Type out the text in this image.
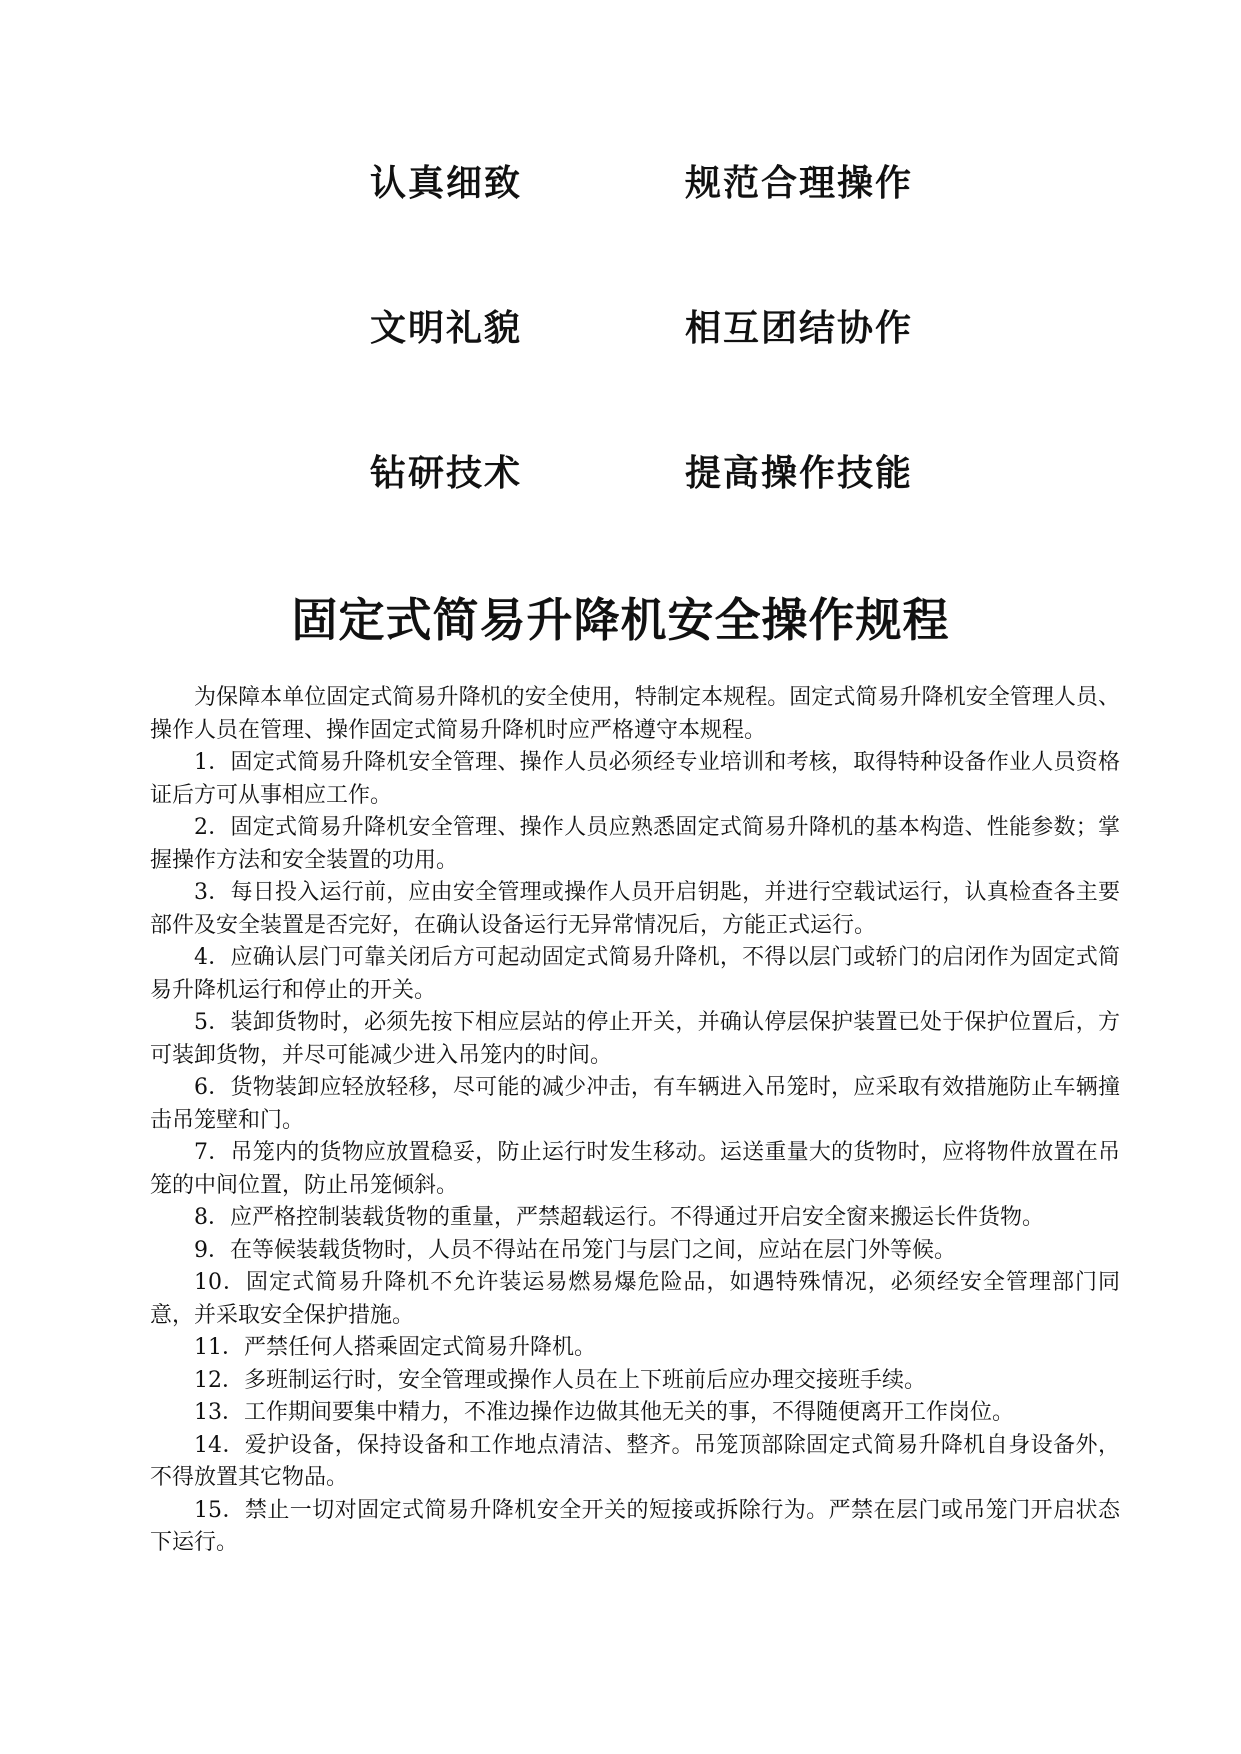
认真细致	规范合理操作
文明礼貌	相互团结协作
钻研技术	提高操作技能
固定式简易升降机安全操作规程

为保障本单位固定式简易升降机的安全使用，特制定本规程。固定式简易升降机安全管理人员、操作人员在管理、操作固定式简易升降机时应严格遵守本规程。

1．固定式简易升降机安全管理、操作人员必须经专业培训和考核，取得特种设备作业人员资格证后方可从事相应工作。

2．固定式简易升降机安全管理、操作人员应熟悉固定式简易升降机的基本构造、性能参数；掌握操作方法和安全装置的功用。

3．每日投入运行前，应由安全管理或操作人员开启钥匙，并进行空载试运行，认真检查各主要部件及安全装置是否完好，在确认设备运行无异常情况后，方能正式运行。

4．应确认层门可靠关闭后方可起动固定式简易升降机，不得以层门或轿门的启闭作为固定式简易升降机运行和停止的开关。

5．装卸货物时，必须先按下相应层站的停止开关，并确认停层保护装置已处于保护位置后，方可装卸货物，并尽可能减少进入吊笼内的时间。

6．货物装卸应轻放轻移，尽可能的减少冲击，有车辆进入吊笼时，应采取有效措施防止车辆撞击吊笼壁和门。

7．吊笼内的货物应放置稳妥，防止运行时发生移动。运送重量大的货物时，应将物件放置在吊笼的中间位置，防止吊笼倾斜。

8．应严格控制装载货物的重量，严禁超载运行。不得通过开启安全窗来搬运长件货物。

9．在等候装载货物时，人员不得站在吊笼门与层门之间，应站在层门外等候。

10．固定式简易升降机不允许装运易燃易爆危险品，如遇特殊情况，必须经安全管理部门同意，并采取安全保护措施。

11．严禁任何人搭乘固定式简易升降机。

12．多班制运行时，安全管理或操作人员在上下班前后应办理交接班手续。

13．工作期间要集中精力，不准边操作边做其他无关的事，不得随便离开工作岗位。

14．爱护设备，保持设备和工作地点清洁、整齐。吊笼顶部除固定式简易升降机自身设备外，不得放置其它物品。

15．禁止一切对固定式简易升降机安全开关的短接或拆除行为。严禁在层门或吊笼门开启状态下运行。
